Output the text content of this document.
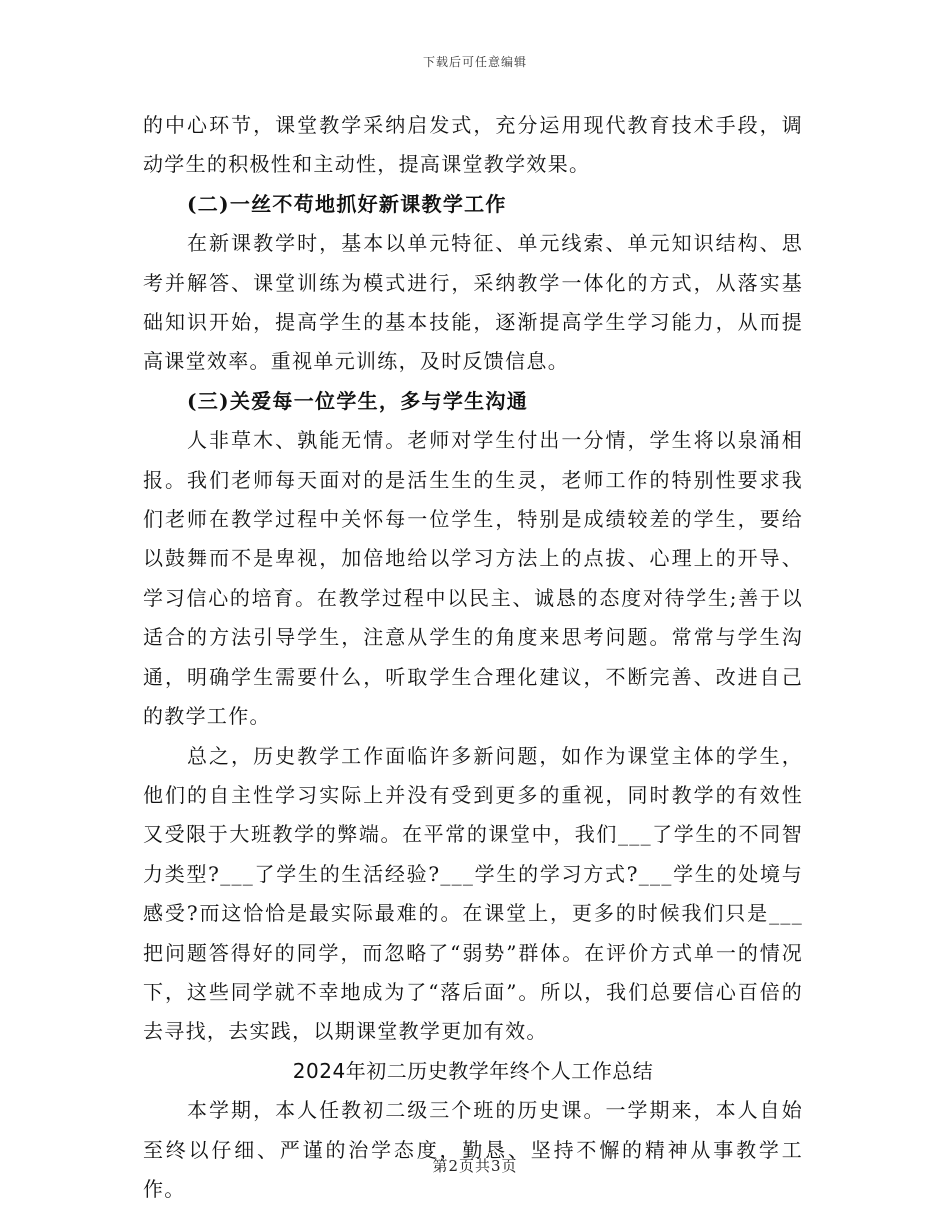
下载后可任意编辑

的中心环节，课堂教学采纳启发式，充分运用现代教育技术手段，调动学生的积极性和主动性，提高课堂教学效果。

(二)一丝不苟地抓好新课教学工作

在新课教学时，基本以单元特征、单元线索、单元知识结构、思考并解答、课堂训练为模式进行，采纳教学一体化的方式，从落实基础知识开始，提高学生的基本技能，逐渐提高学生学习能力，从而提高课堂效率。重视单元训练，及时反馈信息。

(三)关爱每一位学生，多与学生沟通

人非草木、孰能无情。老师对学生付出一分情，学生将以泉涌相报。我们老师每天面对的是活生生的生灵，老师工作的特别性要求我们老师在教学过程中关怀每一位学生，特别是成绩较差的学生，要给以鼓舞而不是卑视，加倍地给以学习方法上的点拔、心理上的开导、学习信心的培育。在教学过程中以民主、诚恳的态度对待学生;善于以适合的方法引导学生，注意从学生的角度来思考问题。常常与学生沟通，明确学生需要什么，听取学生合理化建议，不断完善、改进自己的教学工作。

总之，历史教学工作面临许多新问题，如作为课堂主体的学生，他们的自主性学习实际上并没有受到更多的重视，同时教学的有效性又受限于大班教学的弊端。在平常的课堂中，我们___了学生的不同智力类型?___了学生的生活经验?___学生的学习方式?___学生的处境与感受?而这恰恰是最实际最难的。在课堂上，更多的时候我们只是___把问题答得好的同学，而忽略了“弱势”群体。在评价方式单一的情况下，这些同学就不幸地成为了“落后面”。所以，我们总要信心百倍的去寻找，去实践，以期课堂教学更加有效。

2024年初二历史教学年终个人工作总结

本学期，本人任教初二级三个班的历史课。一学期来，本人自始至终以仔细、严谨的治学态度，勤恳、坚持不懈的精神从事教学工作。

第2页共3页
